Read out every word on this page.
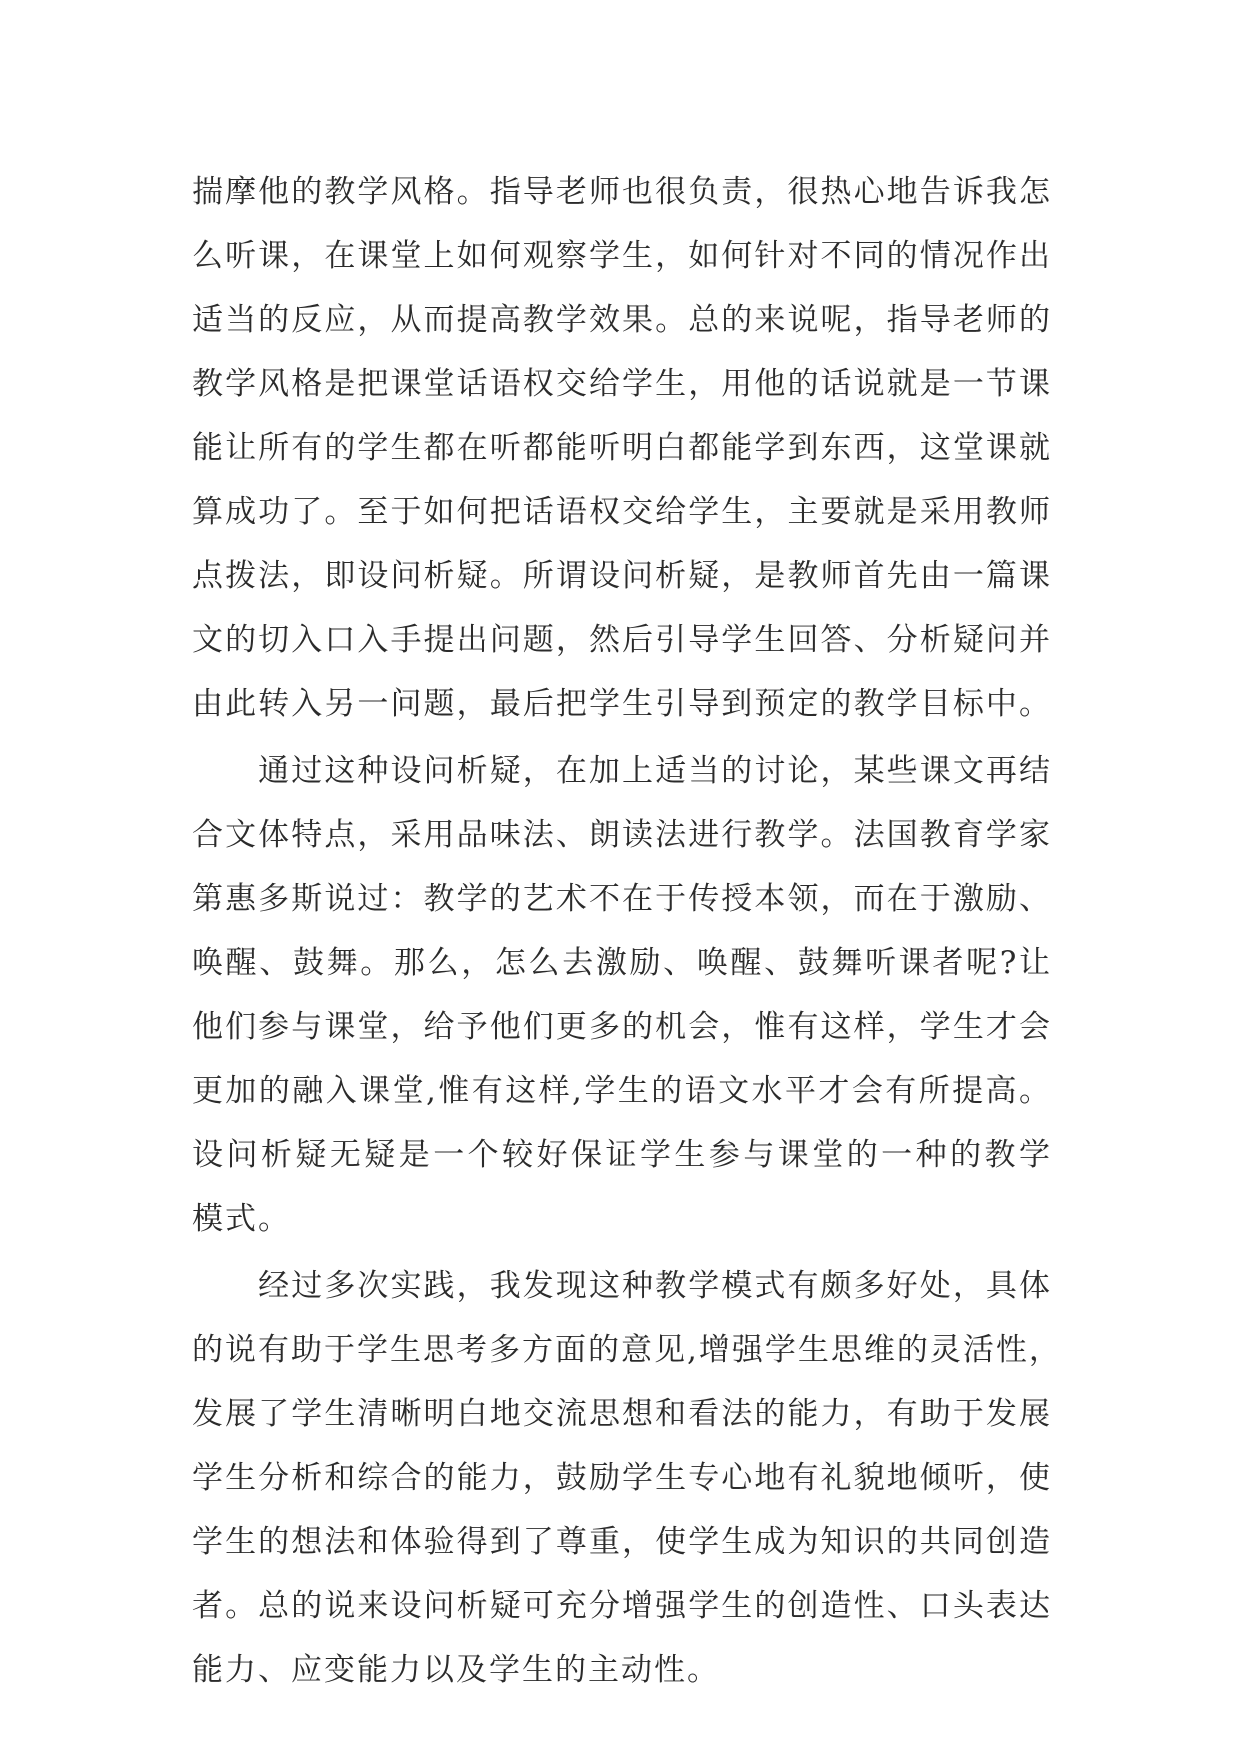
揣摩他的教学风格。指导老师也很负责，很热心地告诉我怎
么听课，在课堂上如何观察学生，如何针对不同的情况作出
适当的反应，从而提高教学效果。总的来说呢，指导老师的
教学风格是把课堂话语权交给学生，用他的话说就是一节课
能让所有的学生都在听都能听明白都能学到东西，这堂课就
算成功了。至于如何把话语权交给学生，主要就是采用教师
点拨法，即设问析疑。所谓设问析疑，是教师首先由一篇课
文的切入口入手提出问题，然后引导学生回答、分析疑问并
由此转入另一问题，最后把学生引导到预定的教学目标中。
　　通过这种设问析疑，在加上适当的讨论，某些课文再结
合文体特点，采用品味法、朗读法进行教学。法国教育学家
第惠多斯说过：教学的艺术不在于传授本领，而在于激励、
唤醒、鼓舞。那么，怎么去激励、唤醒、鼓舞听课者呢?让
他们参与课堂，给予他们更多的机会，惟有这样，学生才会
更加的融入课堂,惟有这样,学生的语文水平才会有所提高。
设问析疑无疑是一个较好保证学生参与课堂的一种的教学
模式。
　　经过多次实践，我发现这种教学模式有颇多好处，具体
的说有助于学生思考多方面的意见,增强学生思维的灵活性，
发展了学生清晰明白地交流思想和看法的能力，有助于发展
学生分析和综合的能力，鼓励学生专心地有礼貌地倾听，使
学生的想法和体验得到了尊重，使学生成为知识的共同创造
者。总的说来设问析疑可充分增强学生的创造性、口头表达
能力、应变能力以及学生的主动性。
